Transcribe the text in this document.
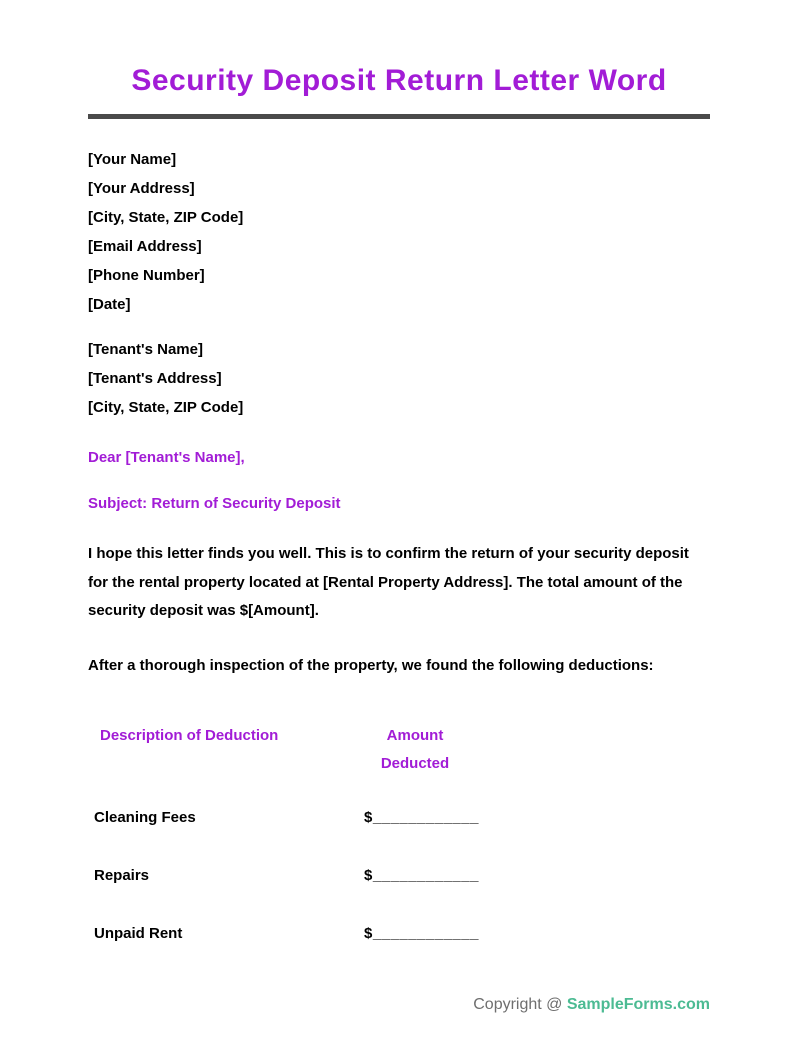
Security Deposit Return Letter Word

[Your Name]

[Your Address]

[City, State, ZIP Code]

[Email Address]

[Phone Number]

[Date]

[Tenant's Name]

[Tenant's Address]

[City, State, ZIP Code]

Dear [Tenant's Name],

Subject: Return of Security Deposit

I hope this letter finds you well. This is to confirm the return of your security deposit for the rental property located at [Rental Property Address]. The total amount of the security deposit was $[Amount].

After a thorough inspection of the property, we found the following deductions:

Description of Deduction	Amount Deducted
Cleaning Fees	$____________
Repairs	$____________
Unpaid Rent	$____________
Copyright @ SampleForms.com
